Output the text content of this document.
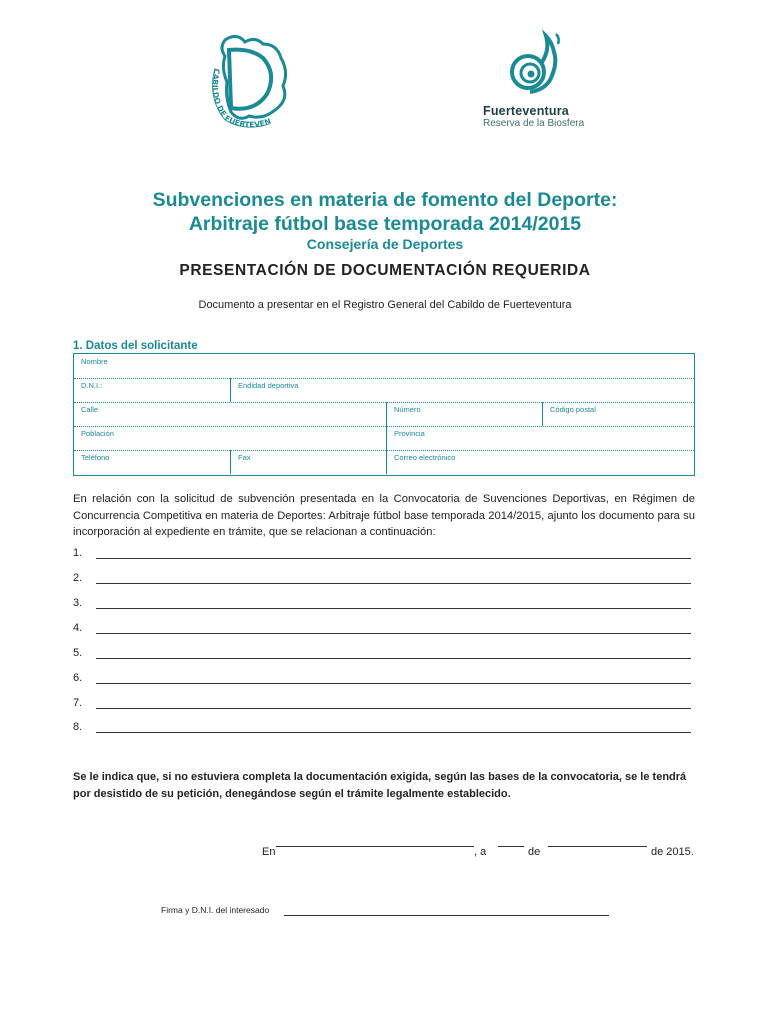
CABILDO DE FUERTEVEN
Fuerteventura
Reserva de la Biosfera
Subvenciones en materia de fomento del Deporte:
Arbitraje fútbol base temporada 2014/2015
Consejería de Deportes
PRESENTACIÓN DE DOCUMENTACIÓN REQUERIDA
Documento a presentar en el Registro General del Cabildo de Fuerteventura
1. Datos del solicitante
Nombre
D.N.I.:	Endidad deportiva
Calle	Número	Código postal
Población	Provincia
Teléfono	Fax	Correo electrónico
En relación con la solicitud de subvención presentada en la Convocatoria de Suvenciones Deportivas, en Régimen de Concurrencia Competitiva en materia de Deportes: Arbitraje fútbol base temporada 2014/2015, ajunto los documento para su incorporación al expediente en trámite, que se relacionan a continuación:
1.
2.
3.
4.
5.
6.
7.
8.
Se le indica que, si no estuviera completa la documentación exigida, según las bases de la convocatoria, se le tendrá por desistido de su petición, denegándose según el trámite legalmente establecido.
En	, a	de	de 2015.
Firma y D.N.I. del interesado
